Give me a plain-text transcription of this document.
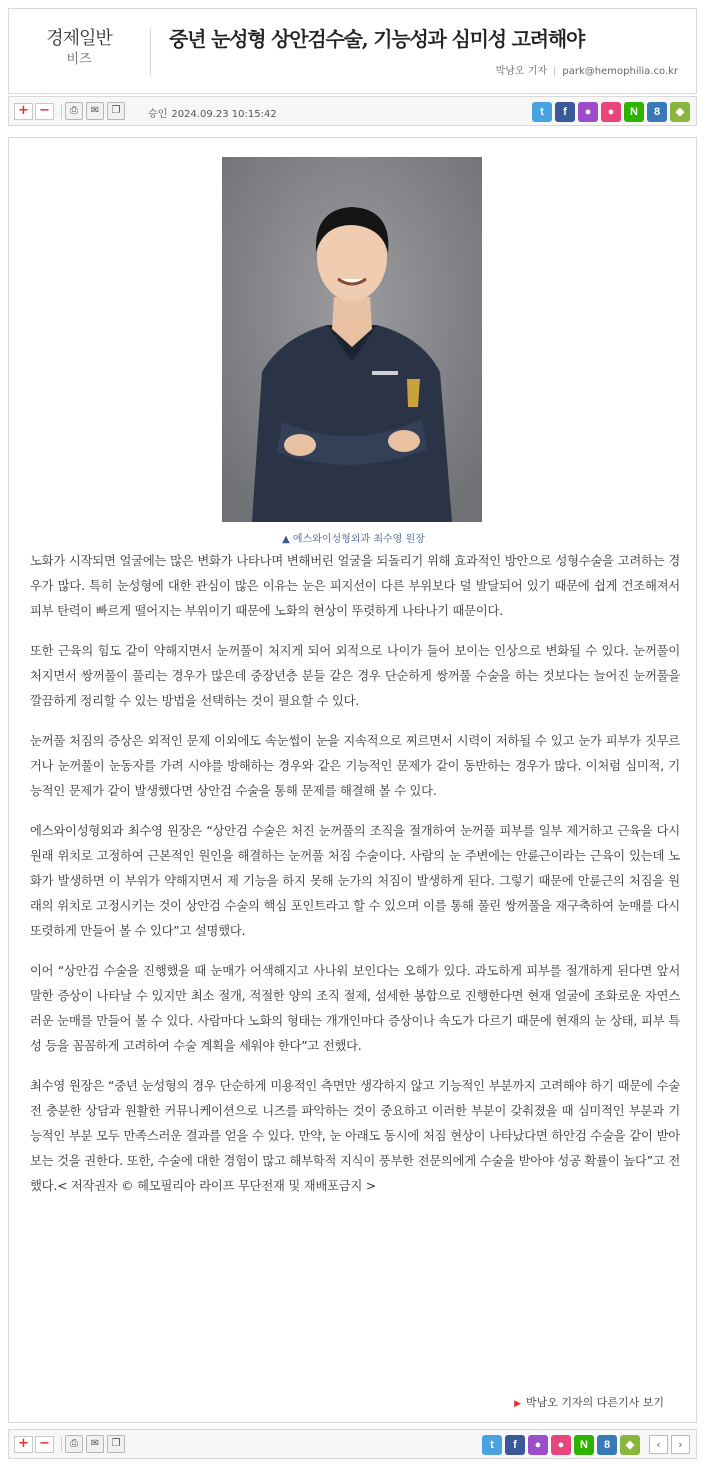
경제일반
비즈
중년 눈성형 상안검수술, 기능성과 심미성 고려해야
박남오 기자 | park@hemophilia.co.kr
+ −	⎙	✉	❐	승인 2024.09.23 10:15:42	t	f	●	●	N	8	◆
▲ 에스와이성형외과 최수영 원장

노화가 시작되면 얼굴에는 많은 변화가 나타나며 변해버린 얼굴을 되돌리기 위해 효과적인 방안으로 성형수술을 고려하는 경우가 많다. 특히 눈성형에 대한 관심이 많은 이유는 눈은 피지선이 다른 부위보다 덜 발달되어 있기 때문에 쉽게 건조해져서 피부 탄력이 빠르게 떨어지는 부위이기 때문에 노화의 현상이 뚜렷하게 나타나기 때문이다.

또한 근육의 힘도 같이 약해지면서 눈꺼풀이 처지게 되어 외적으로 나이가 들어 보이는 인상으로 변화될 수 있다. 눈꺼풀이 처지면서 쌍꺼풀이 풀리는 경우가 많은데 중장년층 분들 같은 경우 단순하게 쌍꺼풀 수술을 하는 것보다는 늘어진 눈꺼풀을 깔끔하게 정리할 수 있는 방법을 선택하는 것이 필요할 수 있다.

눈꺼풀 처짐의 증상은 외적인 문제 이외에도 속눈썹이 눈을 지속적으로 찌르면서 시력이 저하될 수 있고 눈가 피부가 짓무르거나 눈꺼풀이 눈동자를 가려 시야를 방해하는 경우와 같은 기능적인 문제가 같이 동반하는 경우가 많다. 이처럼 심미적, 기능적인 문제가 같이 발생했다면 상안검 수술을 통해 문제를 해결해 볼 수 있다.

에스와이성형외과 최수영 원장은 “상안검 수술은 처진 눈꺼풀의 조직을 절개하여 눈꺼풀 피부를 일부 제거하고 근육을 다시 원래 위치로 고정하여 근본적인 원인을 해결하는 눈꺼풀 처짐 수술이다. 사람의 눈 주변에는 안륜근이라는 근육이 있는데 노화가 발생하면 이 부위가 약해지면서 제 기능을 하지 못해 눈가의 처짐이 발생하게 된다. 그렇기 때문에 안륜근의 처짐을 원래의 위치로 고정시키는 것이 상안검 수술의 핵심 포인트라고 할 수 있으며 이를 통해 풀린 쌍꺼풀을 재구축하여 눈매를 다시 또렷하게 만들어 볼 수 있다”고 설명했다.

이어 “상안검 수술을 진행했을 때 눈매가 어색해지고 사나워 보인다는 오해가 있다. 과도하게 피부를 절개하게 된다면 앞서 말한 증상이 나타날 수 있지만 최소 절개, 적절한 양의 조직 절제, 섬세한 봉합으로 진행한다면 현재 얼굴에 조화로운 자연스러운 눈매를 만들어 볼 수 있다. 사람마다 노화의 형태는 개개인마다 증상이나 속도가 다르기 때문에 현재의 눈 상태, 피부 특성 등을 꼼꼼하게 고려하여 수술 계획을 세워야 한다”고 전했다.

최수영 원장은 “중년 눈성형의 경우 단순하게 미용적인 측면만 생각하지 않고 기능적인 부분까지 고려해야 하기 때문에 수술 전 충분한 상담과 원활한 커뮤니케이션으로 니즈를 파악하는 것이 중요하고 이러한 부분이 갖춰졌을 때 심미적인 부분과 기능적인 부분 모두 만족스러운 결과를 얻을 수 있다. 만약, 눈 아래도 동시에 처짐 현상이 나타났다면 하안검 수술을 같이 받아보는 것을 권한다. 또한, 수술에 대한 경험이 많고 해부학적 지식이 풍부한 전문의에게 수술을 받아야 성공 확률이 높다”고 전했다.< 저작권자 © 헤모필리아 라이프 무단전재 및 재배포금지 >

▶ 박남오 기자의 다른기사 보기
+ −	⎙	✉	❐	t	f	●	●	N	8	◆	‹	›
